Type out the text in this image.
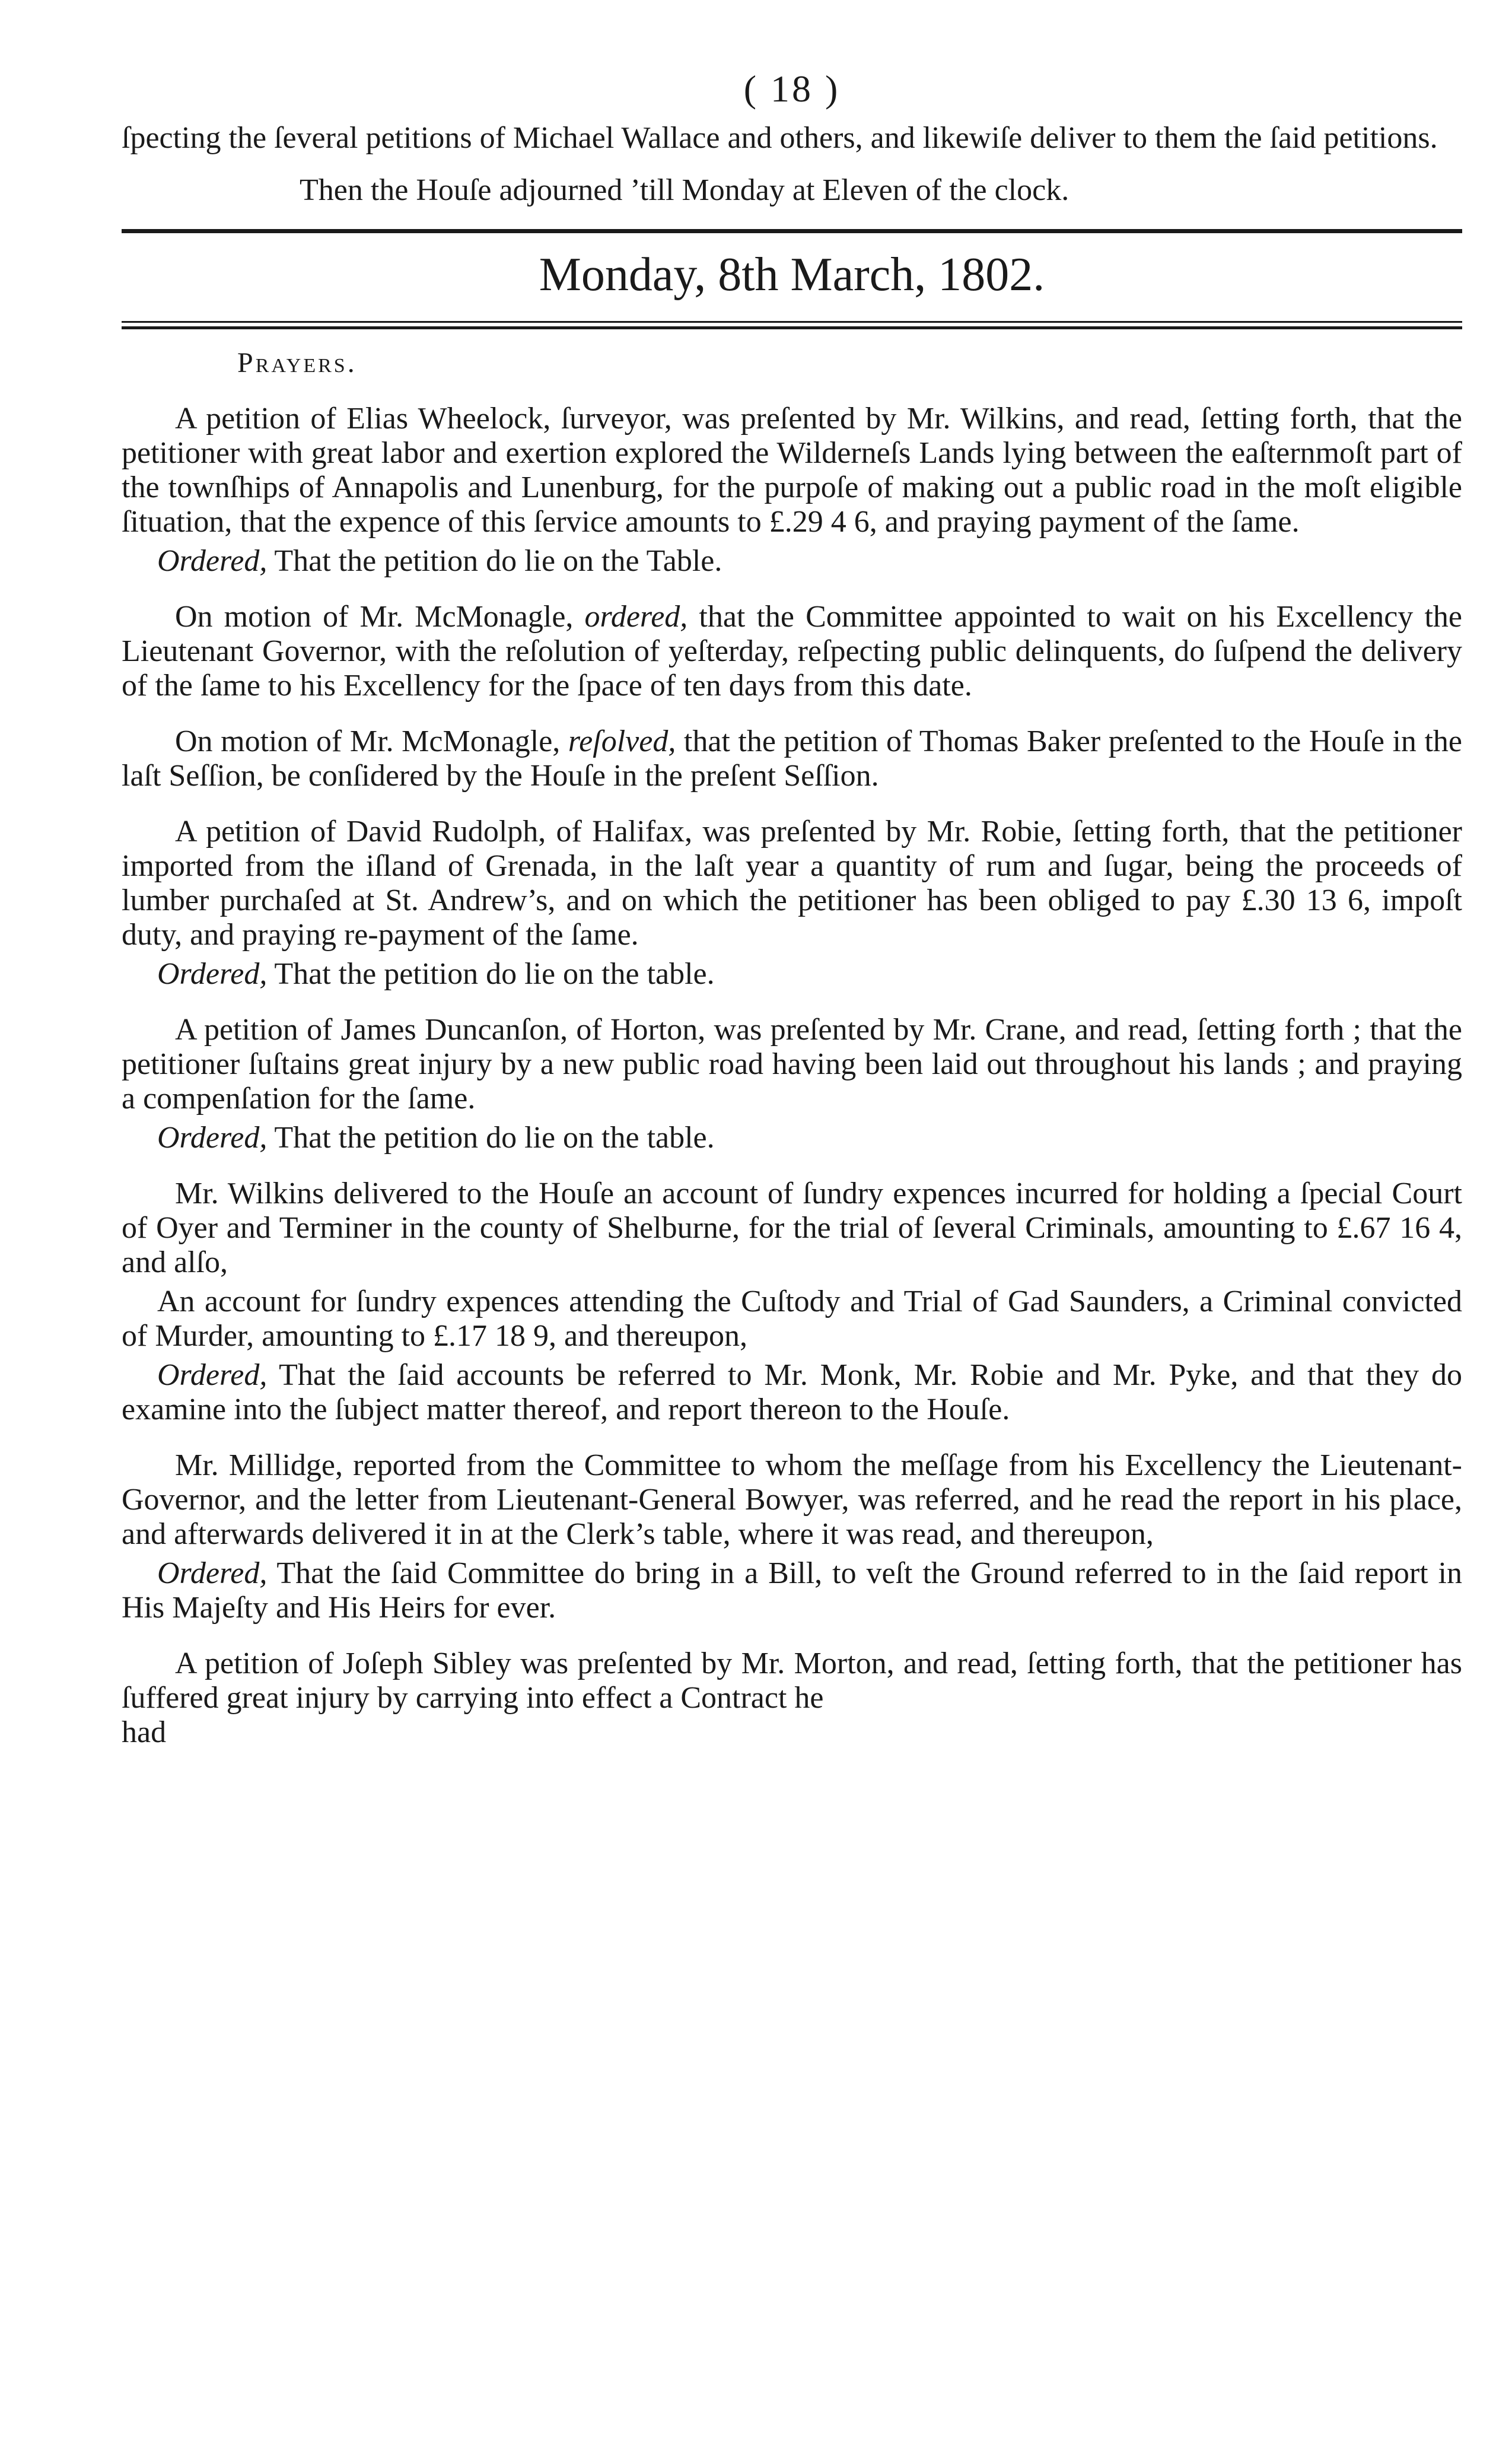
( 18 )

ſpecting the ſeveral petitions of Michael Wallace and others, and likewiſe deliver to them the ſaid petitions.

Then the Houſe adjourned ’till Monday at Eleven of the clock.

Monday, 8th March, 1802.

Prayers.

A petition of Elias Wheelock, ſurveyor, was preſented by Mr. Wilkins, and read, ſetting forth, that the petitioner with great labor and exertion explored the Wilderneſs Lands lying between the eaſternmoſt part of the townſhips of Annapolis and Lunenburg, for the purpoſe of making out a public road in the moſt eligible ſituation, that the expence of this ſervice amounts to £.29 4 6, and praying payment of the ſame.

Ordered, That the petition do lie on the Table.

On motion of Mr. McMonagle, ordered, that the Committee appointed to wait on his Excellency the Lieutenant Governor, with the reſolution of yeſterday, reſpecting public delinquents, do ſuſpend the delivery of the ſame to his Excellency for the ſpace of ten days from this date.

On motion of Mr. McMonagle, reſolved, that the petition of Thomas Baker preſented to the Houſe in the laſt Seſſion, be conſidered by the Houſe in the preſent Seſſion.

A petition of David Rudolph, of Halifax, was preſented by Mr. Robie, ſetting forth, that the petitioner imported from the iſland of Grenada, in the laſt year a quantity of rum and ſugar, being the proceeds of lumber purchaſed at St. Andrew’s, and on which the petitioner has been obliged to pay £.30 13 6, impoſt duty, and praying re-payment of the ſame.

Ordered, That the petition do lie on the table.

A petition of James Duncanſon, of Horton, was preſented by Mr. Crane, and read, ſetting forth ; that the petitioner ſuſtains great injury by a new public road having been laid out throughout his lands ; and praying a compenſation for the ſame.

Ordered, That the petition do lie on the table.

Mr. Wilkins delivered to the Houſe an account of ſundry expences incurred for holding a ſpecial Court of Oyer and Terminer in the county of Shelburne, for the trial of ſeveral Criminals, amounting to £.67 16 4, and alſo,

An account for ſundry expences attending the Cuſtody and Trial of Gad Saunders, a Criminal convicted of Murder, amounting to £.17 18 9, and thereupon,

Ordered, That the ſaid accounts be referred to Mr. Monk, Mr. Robie and Mr. Pyke, and that they do examine into the ſubject matter thereof, and report thereon to the Houſe.

Mr. Millidge, reported from the Committee to whom the meſſage from his Excellency the Lieutenant-Governor, and the letter from Lieutenant-General Bowyer, was referred, and he read the report in his place, and afterwards delivered it in at the Clerk’s table, where it was read, and thereupon,

Ordered, That the ſaid Committee do bring in a Bill, to veſt the Ground referred to in the ſaid report in His Majeſty and His Heirs for ever.

A petition of Joſeph Sibley was preſented by Mr. Morton, and read, ſetting forth, that the petitioner has ſuffered great injury by carrying into effect a Contract he

had
